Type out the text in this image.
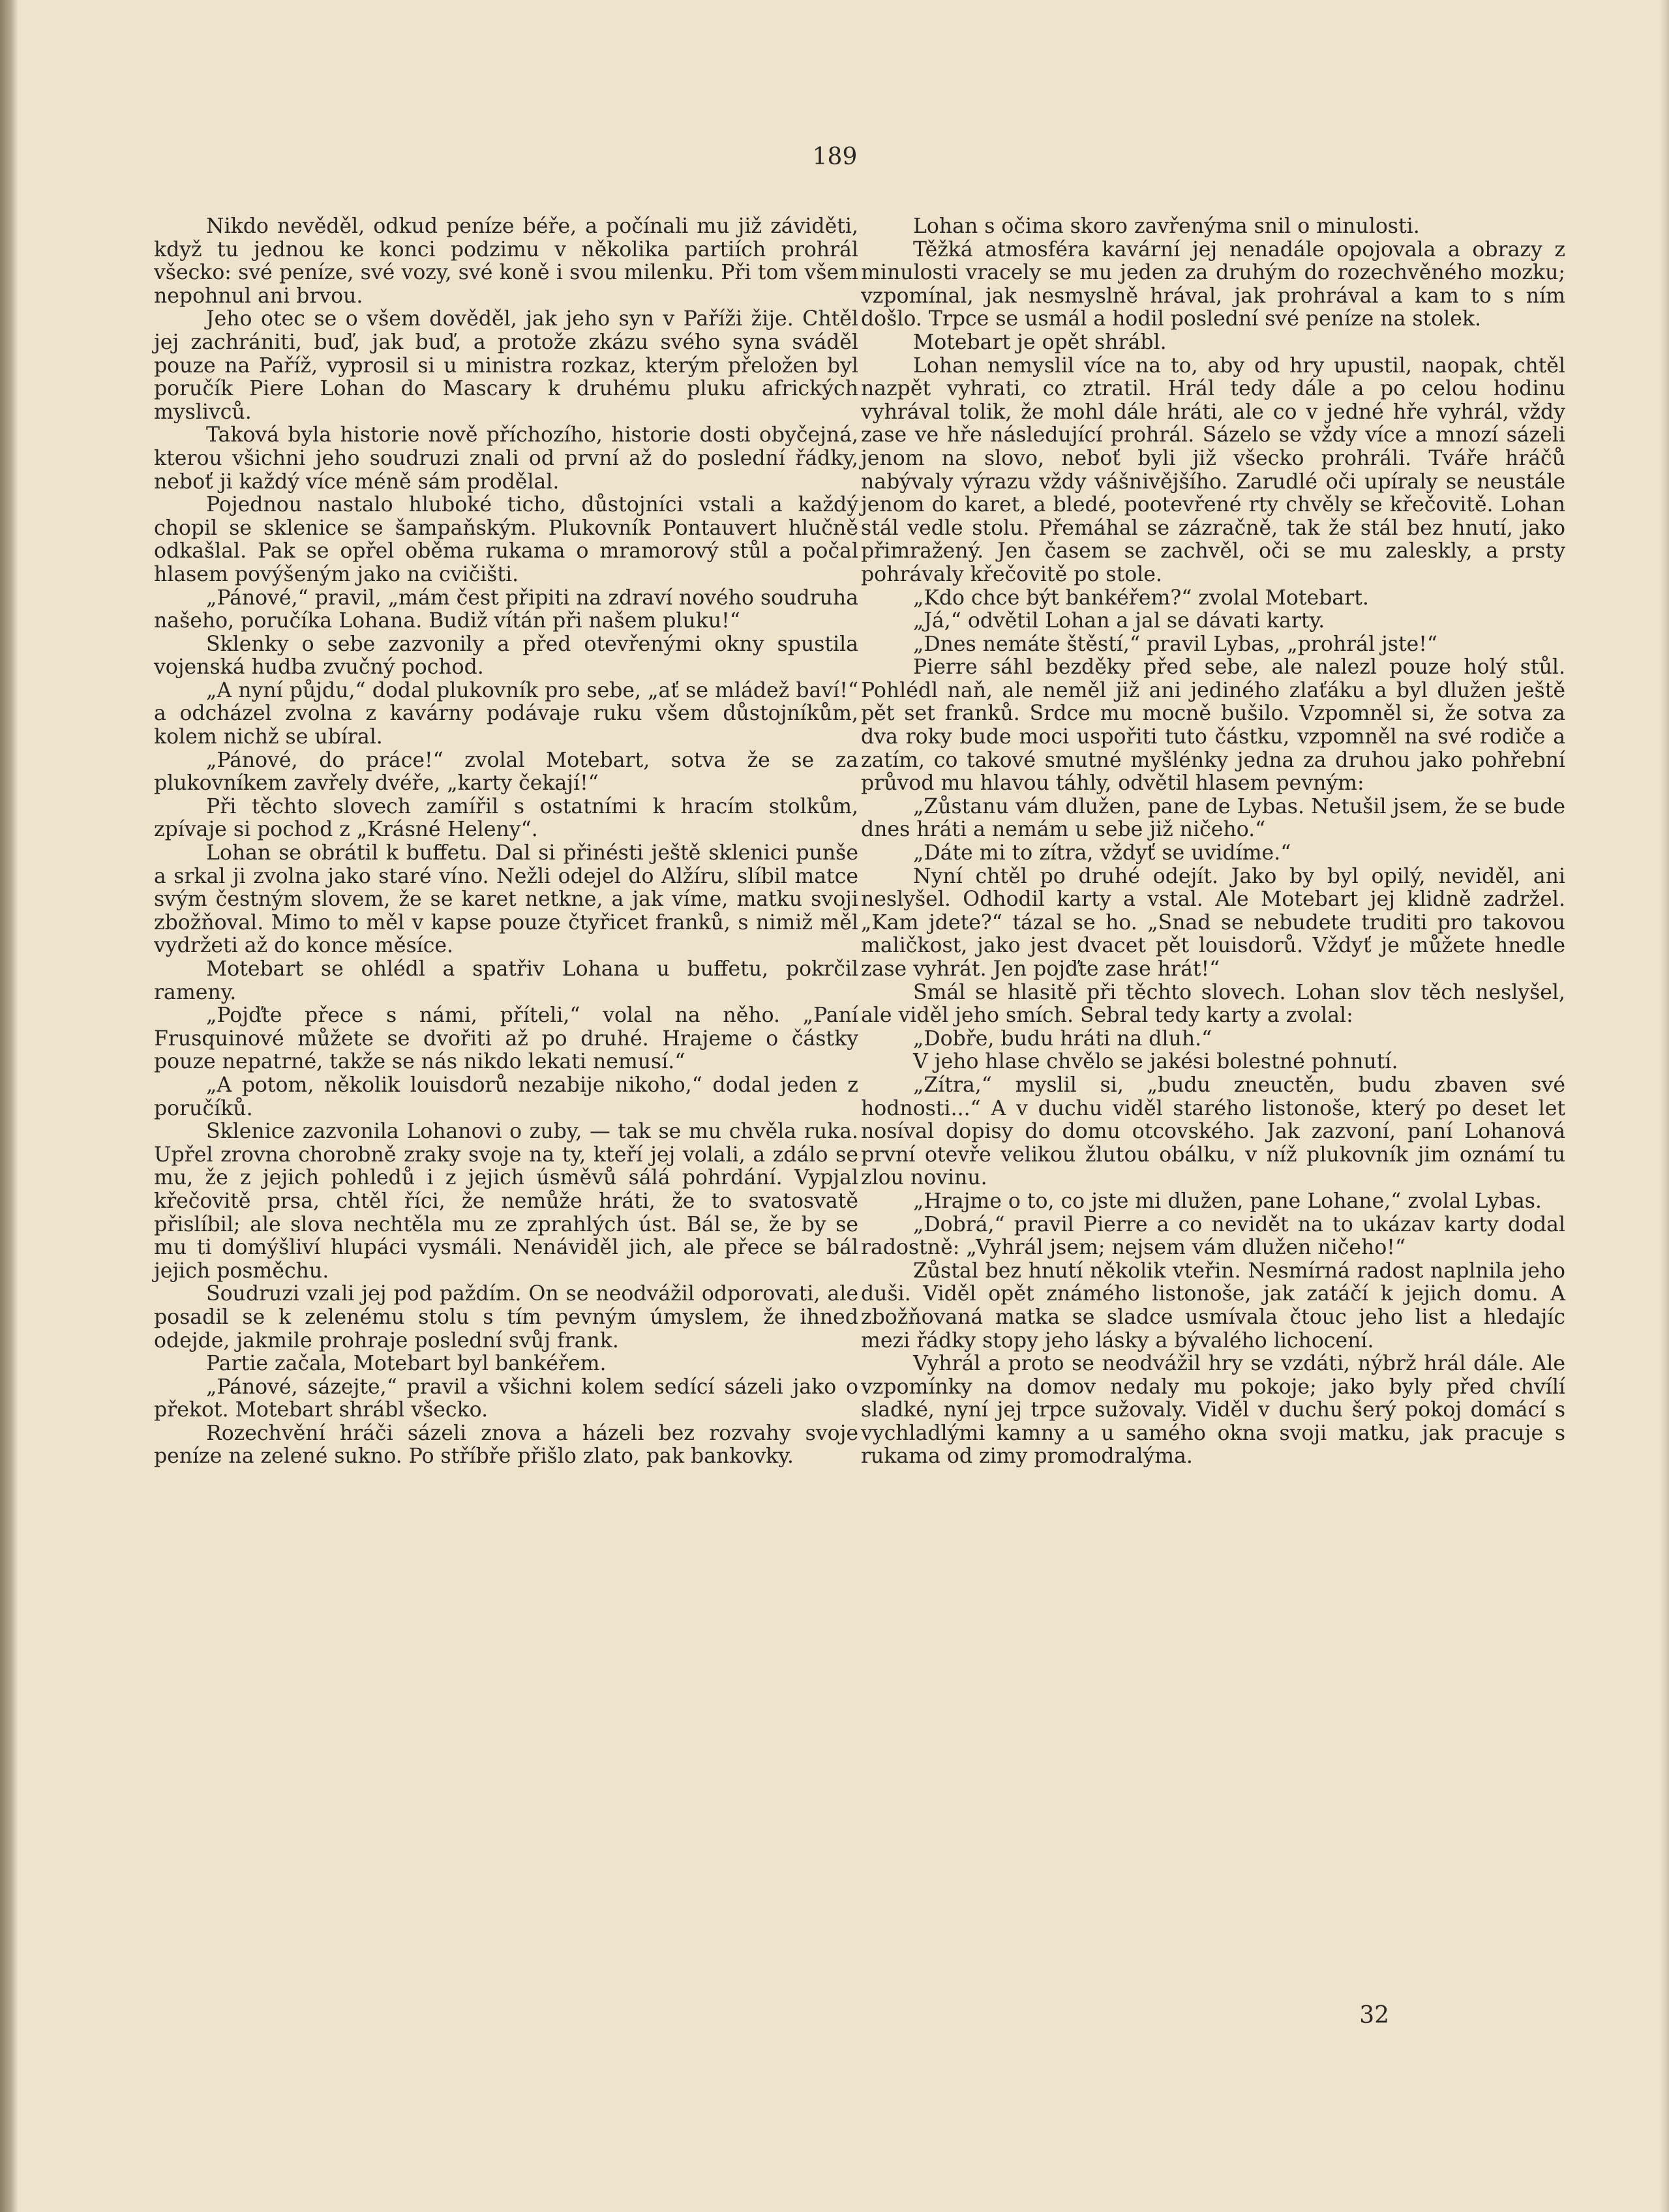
189

Nikdo nevěděl, odkud peníze béře, a počínali mu již záviděti, když tu jednou ke konci podzimu v několika partiích prohrál všecko: své peníze, své vozy, své koně i svou milenku. Při tom všem nepohnul ani brvou.

Jeho otec se o všem dověděl, jak jeho syn v Paříži žije. Chtěl jej zachrániti, buď, jak buď, a protože zkázu svého syna sváděl pouze na Paříž, vyprosil si u ministra rozkaz, kterým přeložen byl poručík Piere Lohan do Mascary k druhému pluku afrických myslivců.

Taková byla historie nově příchozího, historie dosti obyčejná, kterou všichni jeho soudruzi znali od první až do poslední řádky, neboť ji každý více méně sám prodělal.

Pojednou nastalo hluboké ticho, důstojníci vstali a každý chopil se sklenice se šampaňským. Plukovník Pontauvert hlučně odkašlal. Pak se opřel oběma rukama o mramorový stůl a počal hlasem povýšeným jako na cvičišti.

„Pánové,“ pravil, „mám čest připiti na zdraví nového soudruha našeho, poručíka Lohana. Budiž vítán při našem pluku!“

Sklenky o sebe zazvonily a před otevřenými okny spustila vojenská hudba zvučný pochod.

„A nyní půjdu,“ dodal plukovník pro sebe, „ať se mládež baví!“ a odcházel zvolna z kavárny podávaje ruku všem důstojníkům, kolem nichž se ubíral.

„Pánové, do práce!“ zvolal Motebart, sotva že se za plukovníkem zavřely dvéře, „karty čekají!“

Při těchto slovech zamířil s ostatními k hracím stolkům, zpívaje si pochod z „Krásné Heleny“.

Lohan se obrátil k buffetu. Dal si přinésti ještě sklenici punše a srkal ji zvolna jako staré víno. Nežli odejel do Alžíru, slíbil matce svým čestným slovem, že se karet netkne, a jak víme, matku svoji zbožňoval. Mimo to měl v kapse pouze čtyřicet franků, s nimiž měl vydržeti až do konce měsíce.

Motebart se ohlédl a spatřiv Lohana u buffetu, pokrčil rameny.

„Pojďte přece s námi, příteli,“ volal na něho. „Paní Frusquinové můžete se dvořiti až po druhé. Hrajeme o částky pouze nepatrné, takže se nás nikdo lekati nemusí.“

„A potom, několik louisdorů nezabije nikoho,“ dodal jeden z poručíků.

Sklenice zazvonila Lohanovi o zuby, — tak se mu chvěla ruka. Upřel zrovna chorobně zraky svoje na ty, kteří jej volali, a zdálo se mu, že z jejich pohledů i z jejich úsměvů sálá pohrdání. Vypjal křečovitě prsa, chtěl říci, že nemůže hráti, že to svatosvatě přislíbil; ale slova nechtěla mu ze zprahlých úst. Bál se, že by se mu ti domýšliví hlupáci vysmáli. Nenáviděl jich, ale přece se bál jejich posměchu.

Soudruzi vzali jej pod paždím. On se neodvážil odporovati, ale posadil se k zelenému stolu s tím pevným úmyslem, že ihned odejde, jakmile prohraje poslední svůj frank.

Partie začala, Motebart byl bankéřem.

„Pánové, sázejte,“ pravil a všichni kolem sedící sázeli jako o překot. Motebart shrábl všecko.

Rozechvění hráči sázeli znova a házeli bez rozvahy svoje peníze na zelené sukno. Po stříbře přišlo zlato, pak bankovky.

Lohan s očima skoro zavřenýma snil o minulosti.

Těžká atmosféra kavární jej nenadále opojovala a obrazy z minulosti vracely se mu jeden za druhým do rozechvěného mozku; vzpomínal, jak nesmyslně hrával, jak prohrával a kam to s ním došlo. Trpce se usmál a hodil poslední své peníze na stolek.

Motebart je opět shrábl.

Lohan nemyslil více na to, aby od hry upustil, naopak, chtěl nazpět vyhrati, co ztratil. Hrál tedy dále a po celou hodinu vyhrával tolik, že mohl dále hráti, ale co v jedné hře vyhrál, vždy zase ve hře následující prohrál. Sázelo se vždy více a mnozí sázeli jenom na slovo, neboť byli již všecko prohráli. Tváře hráčů nabývaly výrazu vždy vášnivějšího. Zarudlé oči upíraly se neustále jenom do karet, a bledé, pootevřené rty chvěly se křečovitě. Lohan stál vedle stolu. Přemáhal se zázračně, tak že stál bez hnutí, jako přimražený. Jen časem se zachvěl, oči se mu zaleskly, a prsty pohrávaly křečovitě po stole.

„Kdo chce být bankéřem?“ zvolal Motebart.

„Já,“ odvětil Lohan a jal se dávati karty.

„Dnes nemáte štěstí,“ pravil Lybas, „prohrál jste!“

Pierre sáhl bezděky před sebe, ale nalezl pouze holý stůl. Pohlédl naň, ale neměl již ani jediného zlaťáku a byl dlužen ještě pět set franků. Srdce mu mocně bušilo. Vzpomněl si, že sotva za dva roky bude moci uspořiti tuto částku, vzpomněl na své rodiče a zatím, co takové smutné myšlénky jedna za druhou jako pohřební průvod mu hlavou táhly, odvětil hlasem pevným:

„Zůstanu vám dlužen, pane de Lybas. Netušil jsem, že se bude dnes hráti a nemám u sebe již ničeho.“

„Dáte mi to zítra, vždyť se uvidíme.“

Nyní chtěl po druhé odejít. Jako by byl opilý, neviděl, ani neslyšel. Odhodil karty a vstal. Ale Motebart jej klidně zadržel. „Kam jdete?“ tázal se ho. „Snad se nebudete truditi pro takovou maličkost, jako jest dvacet pět louisdorů. Vždyť je můžete hnedle zase vyhrát. Jen pojďte zase hrát!“

Smál se hlasitě při těchto slovech. Lohan slov těch neslyšel, ale viděl jeho smích. Sebral tedy karty a zvolal:

„Dobře, budu hráti na dluh.“

V jeho hlase chvělo se jakési bolestné pohnutí.

„Zítra,“ myslil si, „budu zneuctěn, budu zbaven své hodnosti...“ A v duchu viděl starého listonoše, který po deset let nosíval dopisy do domu otcovského. Jak zazvoní, paní Lohanová první otevře velikou žlutou obálku, v níž plukovník jim oznámí tu zlou novinu.

„Hrajme o to, co jste mi dlužen, pane Lohane,“ zvolal Lybas.

„Dobrá,“ pravil Pierre a co nevidět na to ukázav karty dodal radostně: „Vyhrál jsem; nejsem vám dlužen ničeho!“

Zůstal bez hnutí několik vteřin. Nesmírná radost naplnila jeho duši. Viděl opět známého listonoše, jak zatáčí k jejich domu. A zbožňovaná matka se sladce usmívala čtouc jeho list a hledajíc mezi řádky stopy jeho lásky a bývalého lichocení.

Vyhrál a proto se neodvážil hry se vzdáti, nýbrž hrál dále. Ale vzpomínky na domov nedaly mu pokoje; jako byly před chvílí sladké, nyní jej trpce sužovaly. Viděl v duchu šerý pokoj domácí s vychladlými kamny a u samého okna svoji matku, jak pracuje s rukama od zimy promodralýma.

32
